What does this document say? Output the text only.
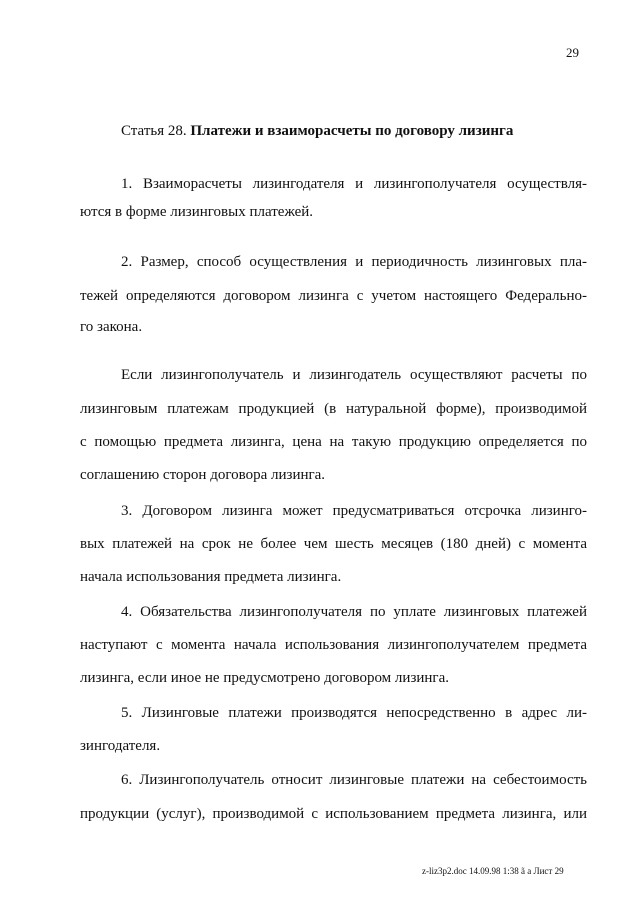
29
Статья 28. Платежи и взаиморасчеты по договору лизинга
1. Взаиморасчеты лизингодателя и лизингополучателя осуществля-
ются в форме лизинговых платежей.
2. Размер, способ осуществления и периодичность лизинговых пла-
тежей определяются договором лизинга с учетом настоящего Федерально-
го закона.
Если лизингополучатель и лизингодатель осуществляют расчеты по
лизинговым платежам продукцией (в натуральной форме), производимой
с помощью предмета лизинга, цена на такую продукцию определяется по
соглашению сторон договора лизинга.
3. Договором лизинга может предусматриваться отсрочка лизинго-
вых платежей на срок не более чем шесть месяцев (180 дней) с момента
начала использования предмета лизинга.
4. Обязательства лизингополучателя по уплате лизинговых платежей
наступают с момента начала использования лизингополучателем предмета
лизинга, если иное не предусмотрено договором лизинга.
5. Лизинговые платежи производятся непосредственно в адрес ли-
зингодателя.
6. Лизингополучатель относит лизинговые платежи на себестоимость
продукции (услуг), производимой с использованием предмета лизинга, или
z-liz3p2.doc 14.09.98 1:38 ã a Лист 29
